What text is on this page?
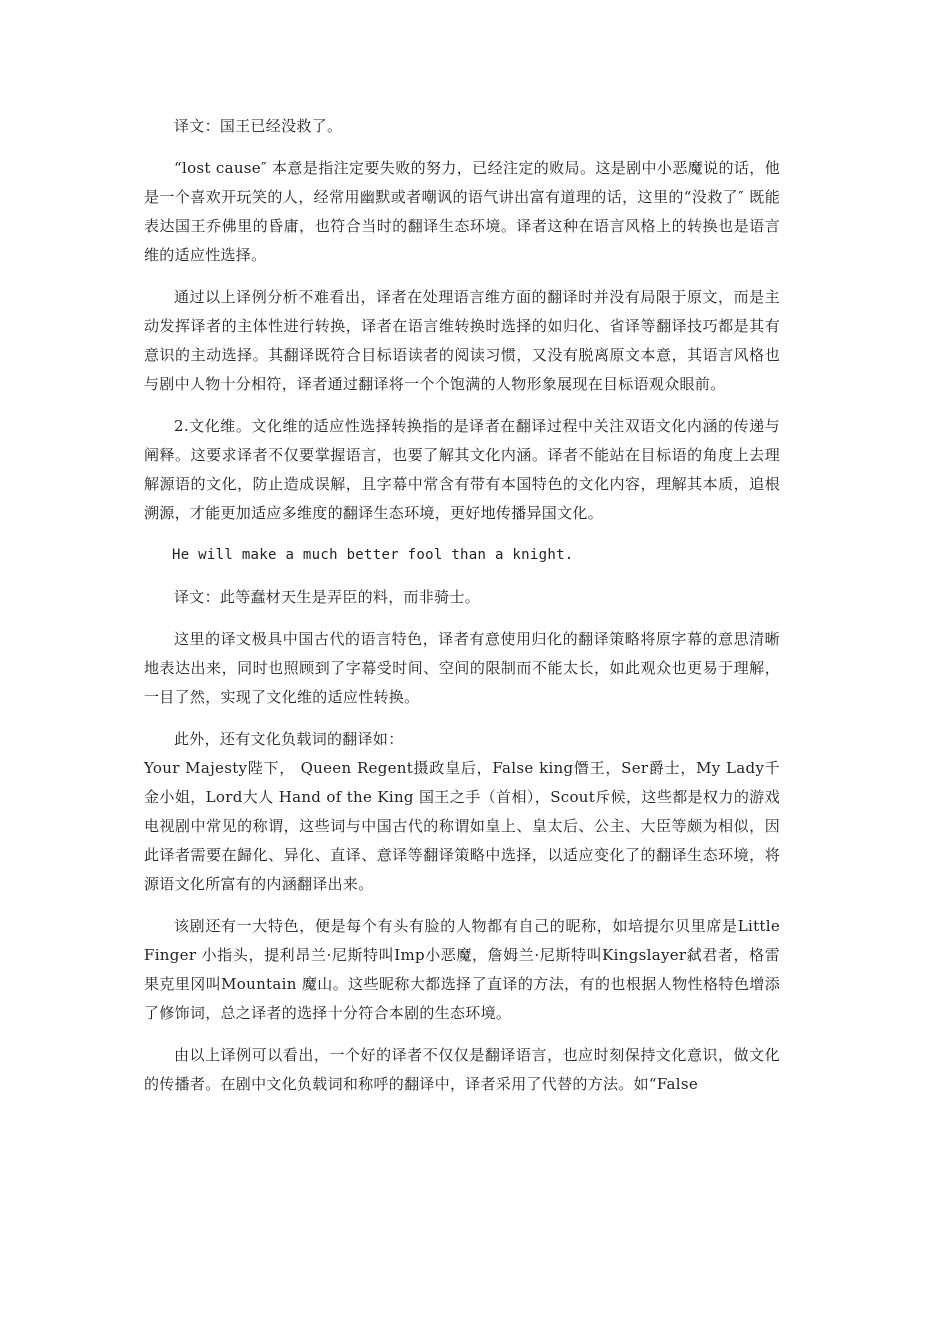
译文：国王已经没救了。

“lost cause″ 本意是指注定要失败的努力，已经注定的败局。这是剧中小恶魔说的话，他是一个喜欢开玩笑的人，经常用幽默或者嘲讽的语气讲出富有道理的话，这里的“没救了″ 既能表达国王乔佛里的昏庸，也符合当时的翻译生态环境。译者这种在语言风格上的转换也是语言维的适应性选择。

通过以上译例分析不难看出，译者在处理语言维方面的翻译时并没有局限于原文，而是主动发挥译者的主体性进行转换，译者在语言维转换时选择的如归化、省译等翻译技巧都是其有意识的主动选择。其翻译既符合目标语读者的阅读习惯，又没有脱离原文本意，其语言风格也与剧中人物十分相符，译者通过翻译将一个个饱满的人物形象展现在目标语观众眼前。

2.文化维。文化维的适应性选择转换指的是译者在翻译过程中关注双语文化内涵的传递与阐释。这要求译者不仅要掌握语言，也要了解其文化内涵。译者不能站在目标语的角度上去理解源语的文化，防止造成误解，且字幕中常含有带有本国特色的文化内容，理解其本质，追根溯源，才能更加适应多维度的翻译生态环境，更好地传播异国文化。

He will make a much better fool than a knight.

译文：此等蠢材天生是弄臣的料，而非骑士。

这里的译文极具中国古代的语言特色，译者有意使用归化的翻译策略将原字幕的意思清晰地表达出来，同时也照顾到了字幕受时间、空间的限制而不能太长，如此观众也更易于理解，一目了然，实现了文化维的适应性转换。

此外，还有文化负载词的翻译如：

Your Majesty陛下， Queen Regent摄政皇后，False king僭王，Ser爵士，My Lady千金小姐，Lord大人 Hand of the King 国王之手（首相），Scout斥候，这些都是权力的游戏电视剧中常见的称谓，这些词与中国古代的称谓如皇上、皇太后、公主、大臣等颇为相似，因此译者需要在歸化、异化、直译、意译等翻译策略中选择，以适应变化了的翻译生态环境，将源语文化所富有的内涵翻译出来。

该剧还有一大特色，便是每个有头有脸的人物都有自己的昵称，如培提尔贝里席是Little Finger 小指头，提利昂兰·尼斯特叫Imp小恶魔，詹姆兰·尼斯特叫Kingslayer弑君者，格雷果克里冈叫Mountain 魔山。这些昵称大都选择了直译的方法，有的也根据人物性格特色增添了修饰词，总之译者的选择十分符合本剧的生态环境。

由以上译例可以看出，一个好的译者不仅仅是翻译语言，也应时刻保持文化意识，做文化的传播者。在剧中文化负载词和称呼的翻译中，译者采用了代替的方法。如“False
